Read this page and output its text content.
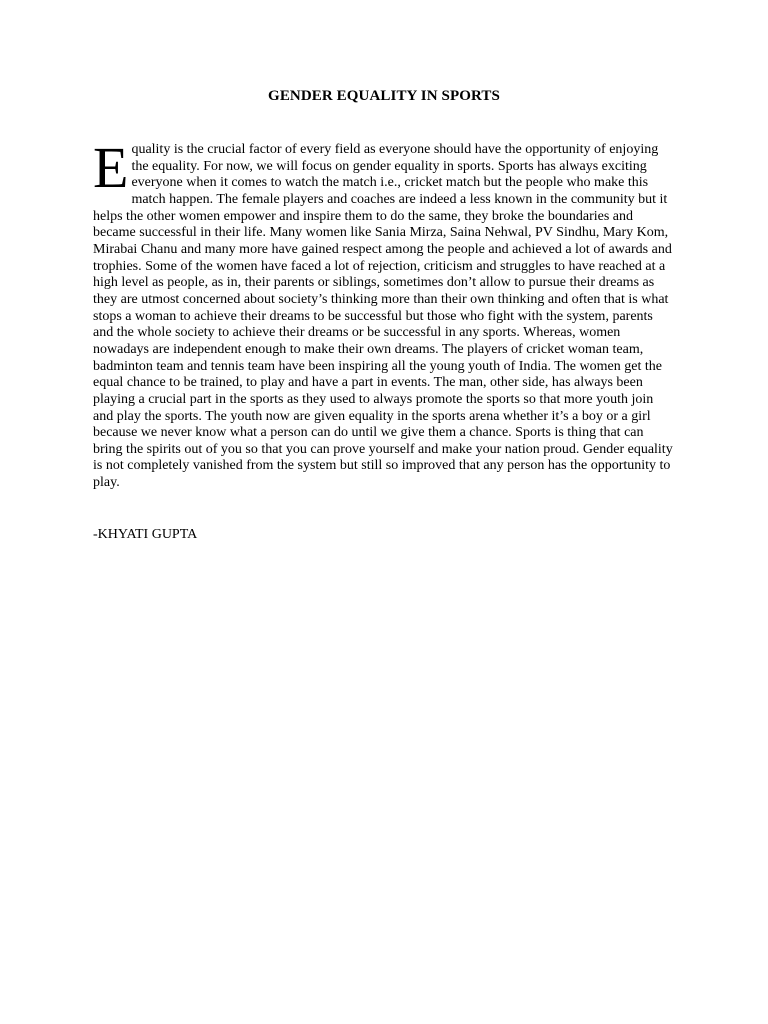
GENDER EQUALITY IN SPORTS

Equality is the crucial factor of every field as everyone should have the opportunity of enjoying the equality. For now, we will focus on gender equality in sports. Sports has always exciting everyone when it comes to watch the match i.e., cricket match but the people who make this match happen. The female players and coaches are indeed a less known in the community but it helps the other women empower and inspire them to do the same, they broke the boundaries and became successful in their life. Many women like Sania Mirza, Saina Nehwal, PV Sindhu, Mary Kom, Mirabai Chanu and many more have gained respect among the people and achieved a lot of awards and trophies. Some of the women have faced a lot of rejection, criticism and struggles to have reached at a high level as people, as in, their parents or siblings, sometimes don’t allow to pursue their dreams as they are utmost concerned about society’s thinking more than their own thinking and often that is what stops a woman to achieve their dreams to be successful but those who fight with the system, parents and the whole society to achieve their dreams or be successful in any sports. Whereas, women nowadays are independent enough to make their own dreams. The players of cricket woman team, badminton team and tennis team have been inspiring all the young youth of India. The women get the equal chance to be trained, to play and have a part in events. The man, other side, has always been playing a crucial part in the sports as they used to always promote the sports so that more youth join and play the sports. The youth now are given equality in the sports arena whether it’s a boy or a girl because we never know what a person can do until we give them a chance. Sports is thing that can bring the spirits out of you so that you can prove yourself and make your nation proud. Gender equality is not completely vanished from the system but still so improved that any person has the opportunity to play.

-KHYATI GUPTA
